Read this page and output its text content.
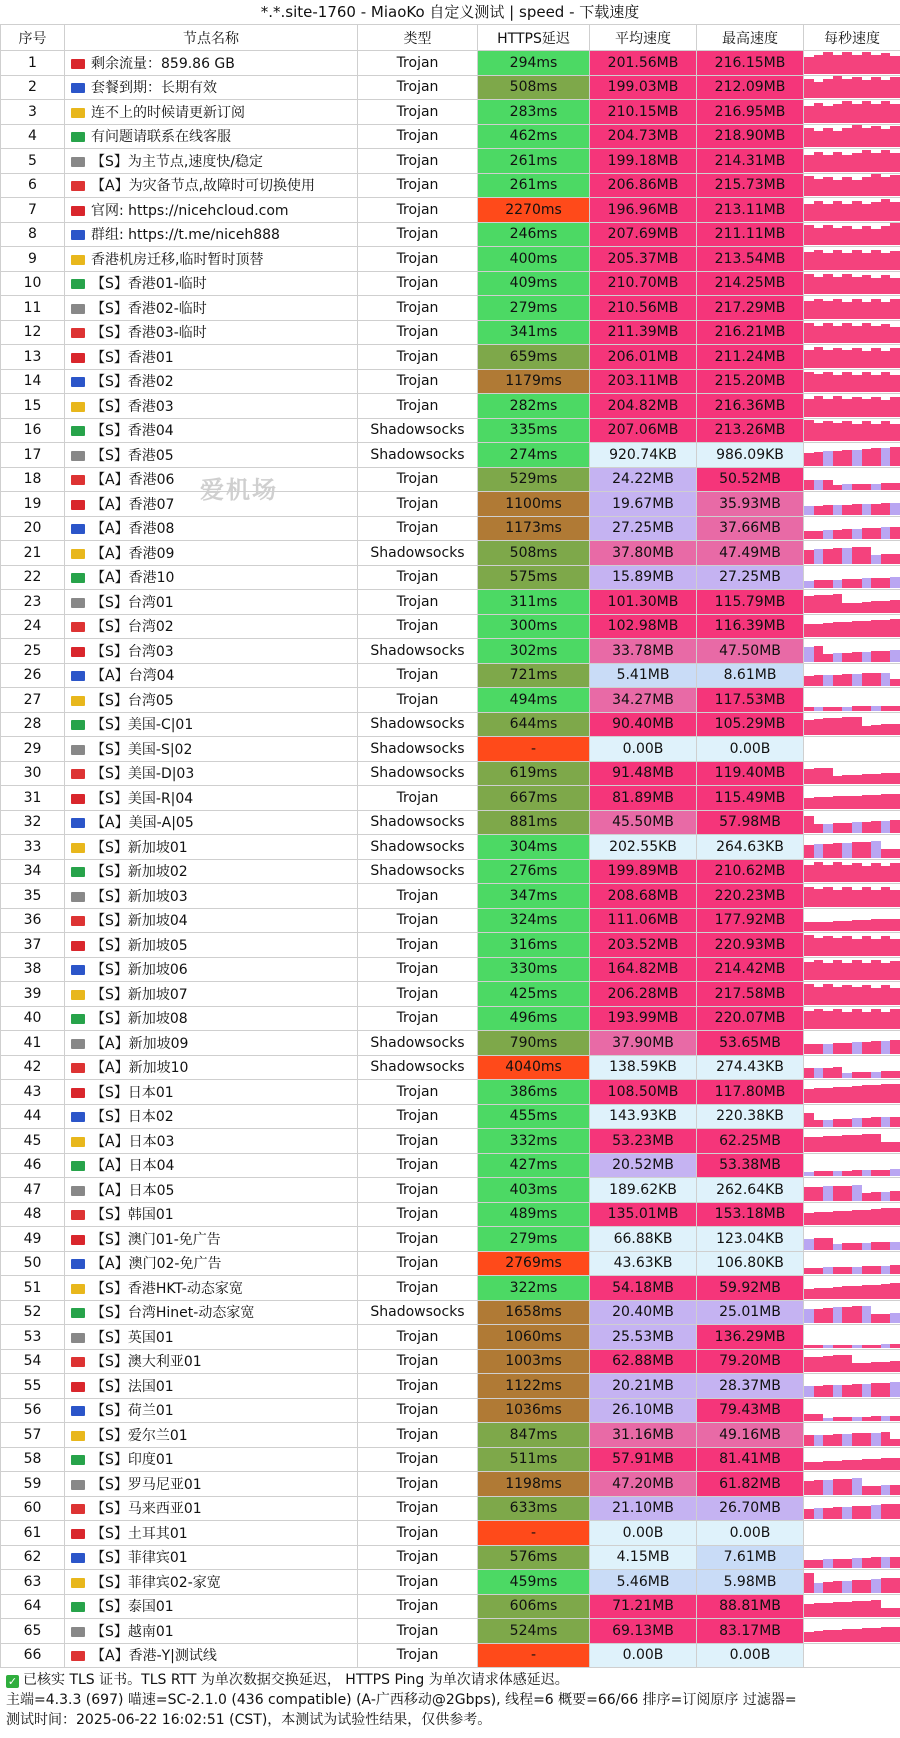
*.*.site-1760 - MiaoKo 自定义测试 | speed - 下载速度
序号	节点名称	类型	HTTPS延迟	平均速度	最高速度	每秒速度
1	剩余流量：859.86 GB	Trojan	294ms	201.56MB	216.15MB	

2	套餐到期：长期有效	Trojan	508ms	199.03MB	212.09MB	

3	连不上的时候请更新订阅	Trojan	283ms	210.15MB	216.95MB	

4	有问题请联系在线客服	Trojan	462ms	204.73MB	218.90MB	

5	【S】为主节点,速度快/稳定	Trojan	261ms	199.18MB	214.31MB	

6	【A】为灾备节点,故障时可切换使用	Trojan	261ms	206.86MB	215.73MB	

7	官网: https://nicehcloud.com	Trojan	2270ms	196.96MB	213.11MB	

8	群组: https://t.me/niceh888	Trojan	246ms	207.69MB	211.11MB	

9	香港机房迁移,临时暂时顶替	Trojan	400ms	205.37MB	213.54MB	

10	【S】香港01-临时	Trojan	409ms	210.70MB	214.25MB	

11	【S】香港02-临时	Trojan	279ms	210.56MB	217.29MB	

12	【S】香港03-临时	Trojan	341ms	211.39MB	216.21MB	

13	【S】香港01	Trojan	659ms	206.01MB	211.24MB	

14	【S】香港02	Trojan	1179ms	203.11MB	215.20MB	

15	【S】香港03	Trojan	282ms	204.82MB	216.36MB	

16	【S】香港04	Shadowsocks	335ms	207.06MB	213.26MB	

17	【S】香港05	Shadowsocks	274ms	920.74KB	986.09KB	

18	【A】香港06	Trojan	529ms	24.22MB	50.52MB	

19	【A】香港07	Trojan	1100ms	19.67MB	35.93MB	

20	【A】香港08	Trojan	1173ms	27.25MB	37.66MB	

21	【A】香港09	Shadowsocks	508ms	37.80MB	47.49MB	

22	【A】香港10	Trojan	575ms	15.89MB	27.25MB	

23	【S】台湾01	Trojan	311ms	101.30MB	115.79MB	

24	【S】台湾02	Trojan	300ms	102.98MB	116.39MB	

25	【S】台湾03	Shadowsocks	302ms	33.78MB	47.50MB	

26	【A】台湾04	Trojan	721ms	5.41MB	8.61MB	

27	【S】台湾05	Trojan	494ms	34.27MB	117.53MB	

28	【S】美国-C|01	Shadowsocks	644ms	90.40MB	105.29MB	

29	【S】美国-S|02	Shadowsocks	-	0.00B	0.00B	

30	【S】美国-D|03	Shadowsocks	619ms	91.48MB	119.40MB	

31	【S】美国-R|04	Trojan	667ms	81.89MB	115.49MB	

32	【A】美国-A|05	Shadowsocks	881ms	45.50MB	57.98MB	

33	【S】新加坡01	Shadowsocks	304ms	202.55KB	264.63KB	

34	【S】新加坡02	Shadowsocks	276ms	199.89MB	210.62MB	

35	【S】新加坡03	Trojan	347ms	208.68MB	220.23MB	

36	【S】新加坡04	Trojan	324ms	111.06MB	177.92MB	

37	【S】新加坡05	Trojan	316ms	203.52MB	220.93MB	

38	【S】新加坡06	Trojan	330ms	164.82MB	214.42MB	

39	【S】新加坡07	Trojan	425ms	206.28MB	217.58MB	

40	【S】新加坡08	Trojan	496ms	193.99MB	220.07MB	

41	【A】新加坡09	Shadowsocks	790ms	37.90MB	53.65MB	

42	【A】新加坡10	Shadowsocks	4040ms	138.59KB	274.43KB	

43	【S】日本01	Trojan	386ms	108.50MB	117.80MB	

44	【S】日本02	Trojan	455ms	143.93KB	220.38KB	

45	【A】日本03	Trojan	332ms	53.23MB	62.25MB	

46	【A】日本04	Trojan	427ms	20.52MB	53.38MB	

47	【A】日本05	Trojan	403ms	189.62KB	262.64KB	

48	【S】韩国01	Trojan	489ms	135.01MB	153.18MB	

49	【S】澳门01-免广告	Trojan	279ms	66.88KB	123.04KB	

50	【A】澳门02-免广告	Trojan	2769ms	43.63KB	106.80KB	

51	【S】香港HKT-动态家宽	Trojan	322ms	54.18MB	59.92MB	

52	【S】台湾Hinet-动态家宽	Shadowsocks	1658ms	20.40MB	25.01MB	

53	【S】英国01	Trojan	1060ms	25.53MB	136.29MB	

54	【S】澳大利亚01	Trojan	1003ms	62.88MB	79.20MB	

55	【S】法国01	Trojan	1122ms	20.21MB	28.37MB	

56	【S】荷兰01	Trojan	1036ms	26.10MB	79.43MB	

57	【S】爱尔兰01	Trojan	847ms	31.16MB	49.16MB	

58	【S】印度01	Trojan	511ms	57.91MB	81.41MB	

59	【S】罗马尼亚01	Trojan	1198ms	47.20MB	61.82MB	

60	【S】马来西亚01	Trojan	633ms	21.10MB	26.70MB	

61	【S】土耳其01	Trojan	-	0.00B	0.00B	

62	【S】菲律宾01	Trojan	576ms	4.15MB	7.61MB	

63	【S】菲律宾02-家宽	Trojan	459ms	5.46MB	5.98MB	

64	【S】泰国01	Trojan	606ms	71.21MB	88.81MB	

65	【S】越南01	Trojan	524ms	69.13MB	83.17MB	

66	【A】香港-Y|测试线	Trojan	-	0.00B	0.00B	
爱机场
✓ 已核实 TLS 证书。TLS RTT 为单次数据交换延迟， HTTPS Ping 为单次请求体感延迟。
主端=4.3.3 (697) 喵速=SC-2.1.0 (436 compatible) (A-广西移动@2Gbps), 线程=6 概要=66/66 排序=订阅原序 过滤器=
测试时间：2025-06-22 16:02:51 (CST)，本测试为试验性结果，仅供参考。
